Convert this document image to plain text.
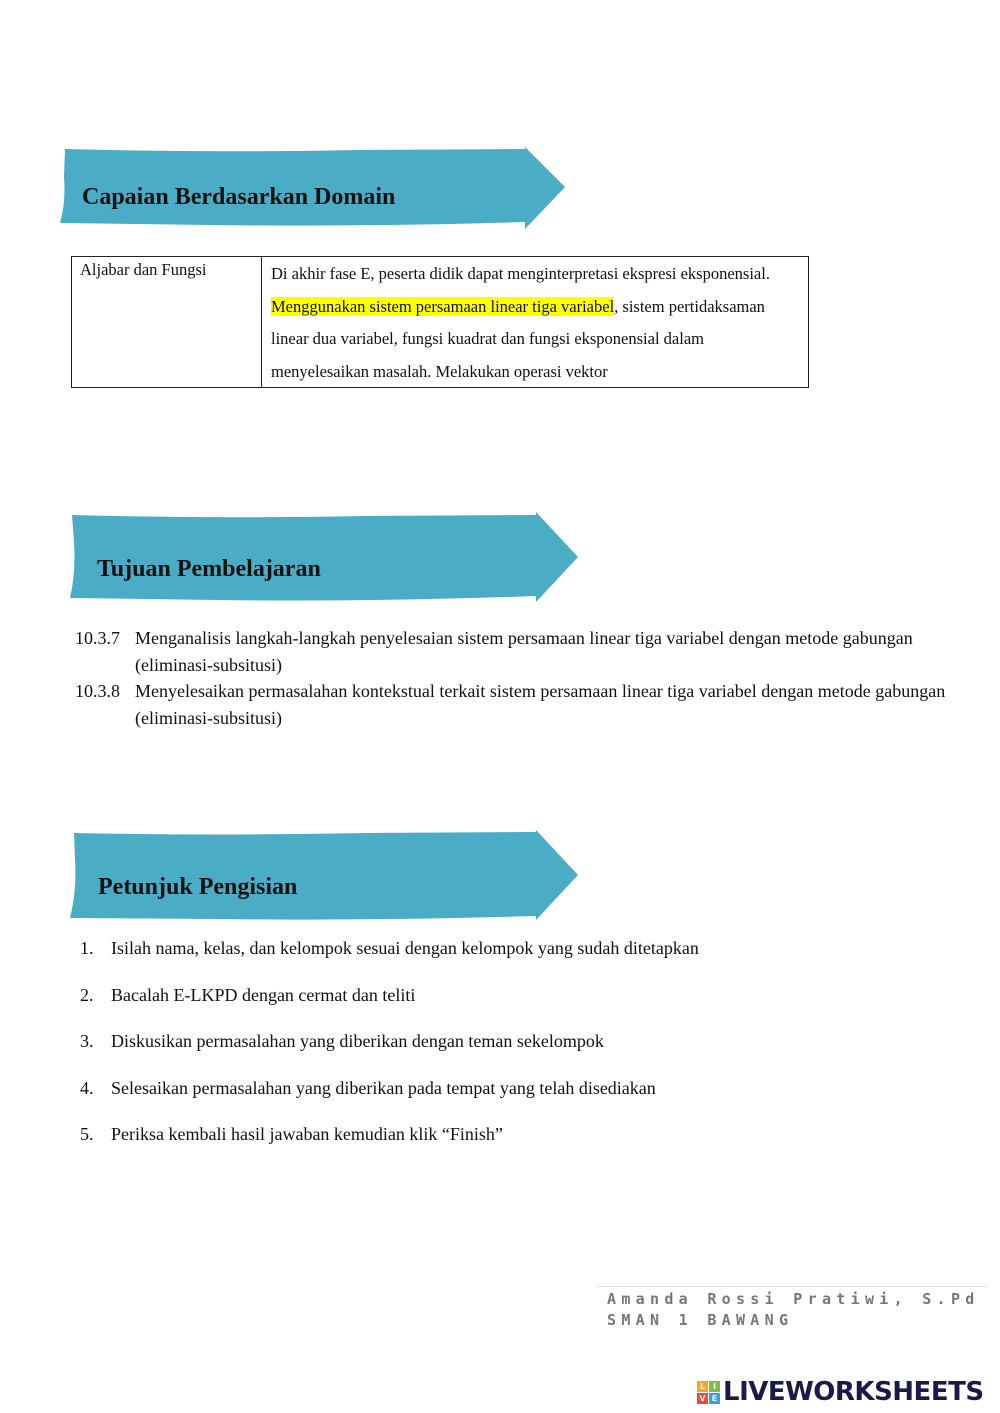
Capaian Berdasarkan Domain
Aljabar dan Fungsi	Di akhir fase E, peserta didik dapat menginterpretasi ekspresi eksponensial. Menggunakan sistem persamaan linear tiga variabel, sistem pertidaksaman linear dua variabel, fungsi kuadrat dan fungsi eksponensial dalam menyelesaikan masalah. Melakukan operasi vektor
Tujuan Pembelajaran
10.3.7 Menganalisis langkah-langkah penyelesaian sistem persamaan linear tiga variabel dengan metode gabungan (eliminasi-subsitusi)
10.3.8 Menyelesaikan permasalahan kontekstual terkait sistem persamaan linear tiga variabel dengan metode gabungan (eliminasi-subsitusi)
Petunjuk Pengisian
1. Isilah nama, kelas, dan kelompok sesuai dengan kelompok yang sudah ditetapkan
2. Bacalah E-LKPD dengan cermat dan teliti
3. Diskusikan permasalahan yang diberikan dengan teman sekelompok
4. Selesaikan permasalahan yang diberikan pada tempat yang telah disediakan
5. Periksa kembali hasil jawaban kemudian klik “Finish”
Amanda Rossi Pratiwi, S.Pd
SMAN 1 BAWANG
L I
V E LIVEWORKSHEETS
